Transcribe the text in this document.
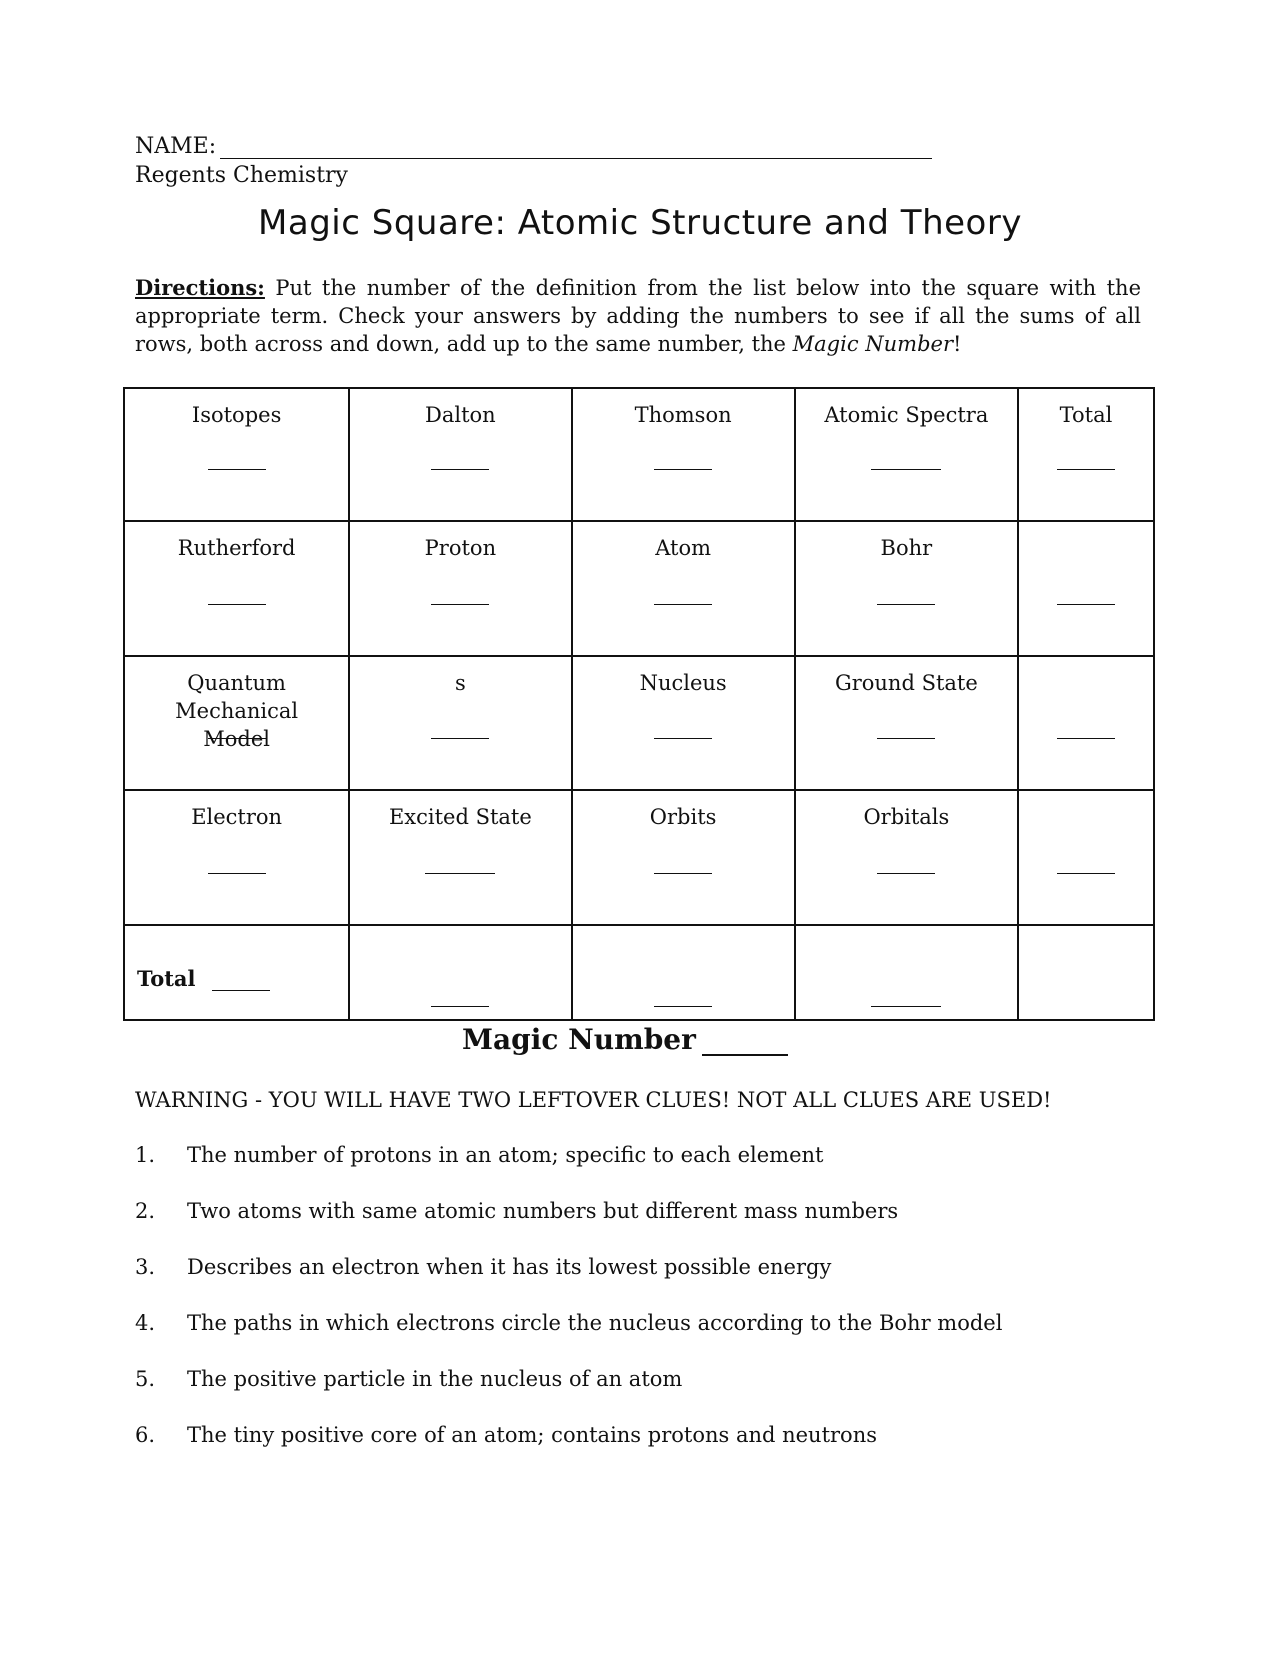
NAME:
Regents Chemistry
Magic Square: Atomic Structure and Theory
Directions: Put the number of the definition from the list below into the square with the appropriate term. Check your answers by adding the numbers to see if all the sums of all rows, both across and down, add up to the same number, the Magic Number!
Isotopes	Dalton	Thomson	Atomic Spectra	Total

Rutherford	Proton	Atom	Bohr	

Quantum Mechanical Model	s	Nucleus	Ground State	

Electron	Excited State	Orbits	Orbitals	

Total				

Magic Number
WARNING - YOU WILL HAVE TWO LEFTOVER CLUES! NOT ALL CLUES ARE USED!
1.	The number of protons in an atom; specific to each element
2.	Two atoms with same atomic numbers but different mass numbers
3.	Describes an electron when it has its lowest possible energy
4.	The paths in which electrons circle the nucleus according to the Bohr model
5.	The positive particle in the nucleus of an atom
6.	The tiny positive core of an atom; contains protons and neutrons
